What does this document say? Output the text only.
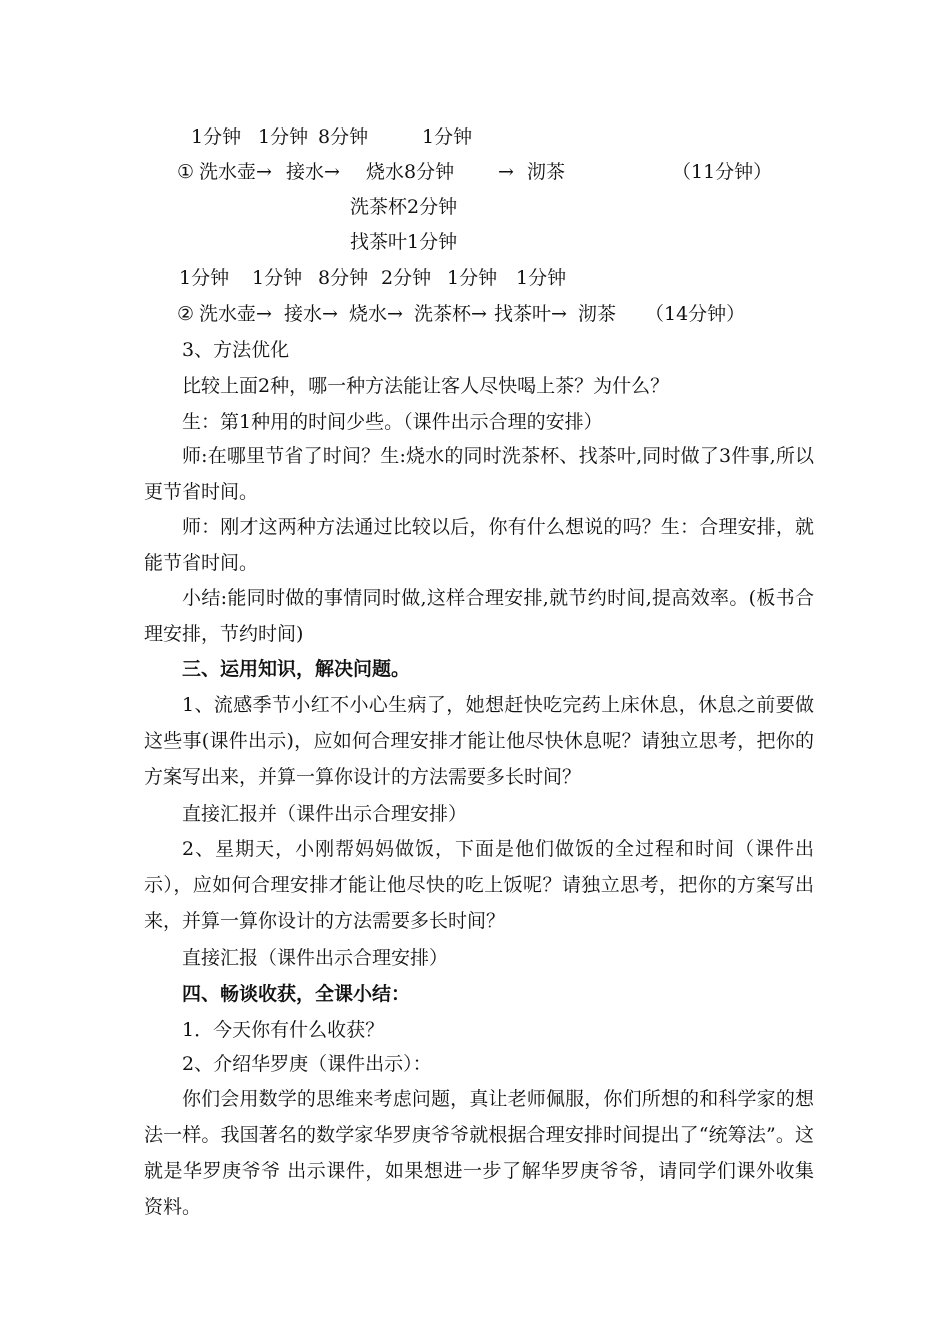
1分钟 1分钟 8分钟	1分钟
① 洗水壶→ 接水→ 烧水8分钟 → 沏茶	（11分钟）
洗茶杯2分钟
找茶叶1分钟
1分钟 1分钟 8分钟 2分钟 1分钟 1分钟
② 洗水壶→ 接水→ 烧水→ 洗茶杯→ 找茶叶→ 沏茶 （14分钟）

3、方法优化

比较上面2种，哪一种方法能让客人尽快喝上茶？为什么？

生：第1种用的时间少些。（课件出示合理的安排）

师:在哪里节省了时间？生:烧水的同时洗茶杯、找茶叶,同时做了3件事,所以更节省时间。

师：刚才这两种方法通过比较以后，你有什么想说的吗？生：合理安排，就能节省时间。

小结:能同时做的事情同时做,这样合理安排,就节约时间,提高效率。(板书合理安排，节约时间)

三、运用知识，解决问题。

1、流感季节小红不小心生病了，她想赶快吃完药上床休息，休息之前要做这些事(课件出示)，应如何合理安排才能让他尽快休息呢？请独立思考，把你的方案写出来，并算一算你设计的方法需要多长时间？

直接汇报并（课件出示合理安排）

2、星期天，小刚帮妈妈做饭，下面是他们做饭的全过程和时间（课件出示），应如何合理安排才能让他尽快的吃上饭呢？请独立思考，把你的方案写出来，并算一算你设计的方法需要多长时间？

直接汇报（课件出示合理安排）

四、畅谈收获，全课小结：

1．今天你有什么收获？

2、介绍华罗庚（课件出示）：

你们会用数学的思维来考虑问题，真让老师佩服，你们所想的和科学家的想法一样。我国著名的数学家华罗庚爷爷就根据合理安排时间提出了“统筹法”。这就是华罗庚爷爷 出示课件，如果想进一步了解华罗庚爷爷，请同学们课外收集资料。
